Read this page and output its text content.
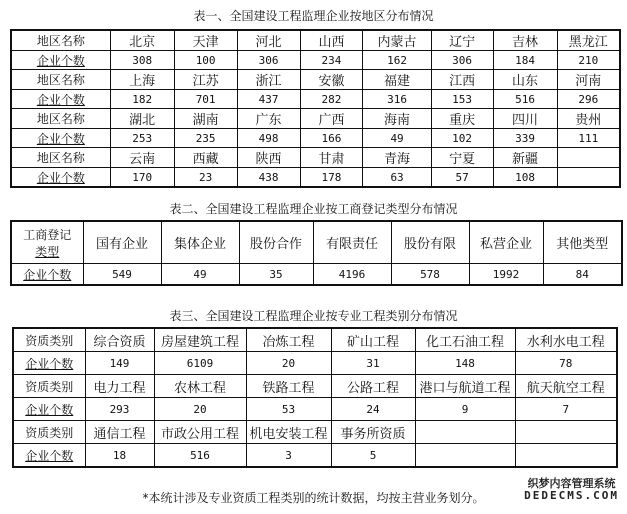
表一、全国建设工程监理企业按地区分布情况
地区名称	北京	天津	河北	山西	内蒙古	辽宁	吉林	黑龙江
企业个数	308	100	306	234	162	306	184	210
地区名称	上海	江苏	浙江	安徽	福建	江西	山东	河南
企业个数	182	701	437	282	316	153	516	296
地区名称	湖北	湖南	广东	广西	海南	重庆	四川	贵州
企业个数	253	235	498	166	49	102	339	111
地区名称	云南	西藏	陕西	甘肃	青海	宁夏	新疆	
企业个数	170	23	438	178	63	57	108	
表二、全国建设工程监理企业按工商登记类型分布情况
工商登记
类型	国有企业	集体企业	股份合作	有限责任	股份有限	私营企业	其他类型
企业个数	549	49	35	4196	578	1992	84
表三、全国建设工程监理企业按专业工程类别分布情况
资质类别	综合资质	房屋建筑工程	冶炼工程	矿山工程	化工石油工程	水利水电工程
企业个数	149	6109	20	31	148	78
资质类别	电力工程	农林工程	铁路工程	公路工程	港口与航道工程	航天航空工程
企业个数	293	20	53	24	9	7
资质类别	通信工程	市政公用工程	机电安装工程	事务所资质		
企业个数	18	516	3	5		
*本统计涉及专业资质工程类别的统计数据，均按主营业务划分。
织梦内容管理系统
DEDECMS.COM
